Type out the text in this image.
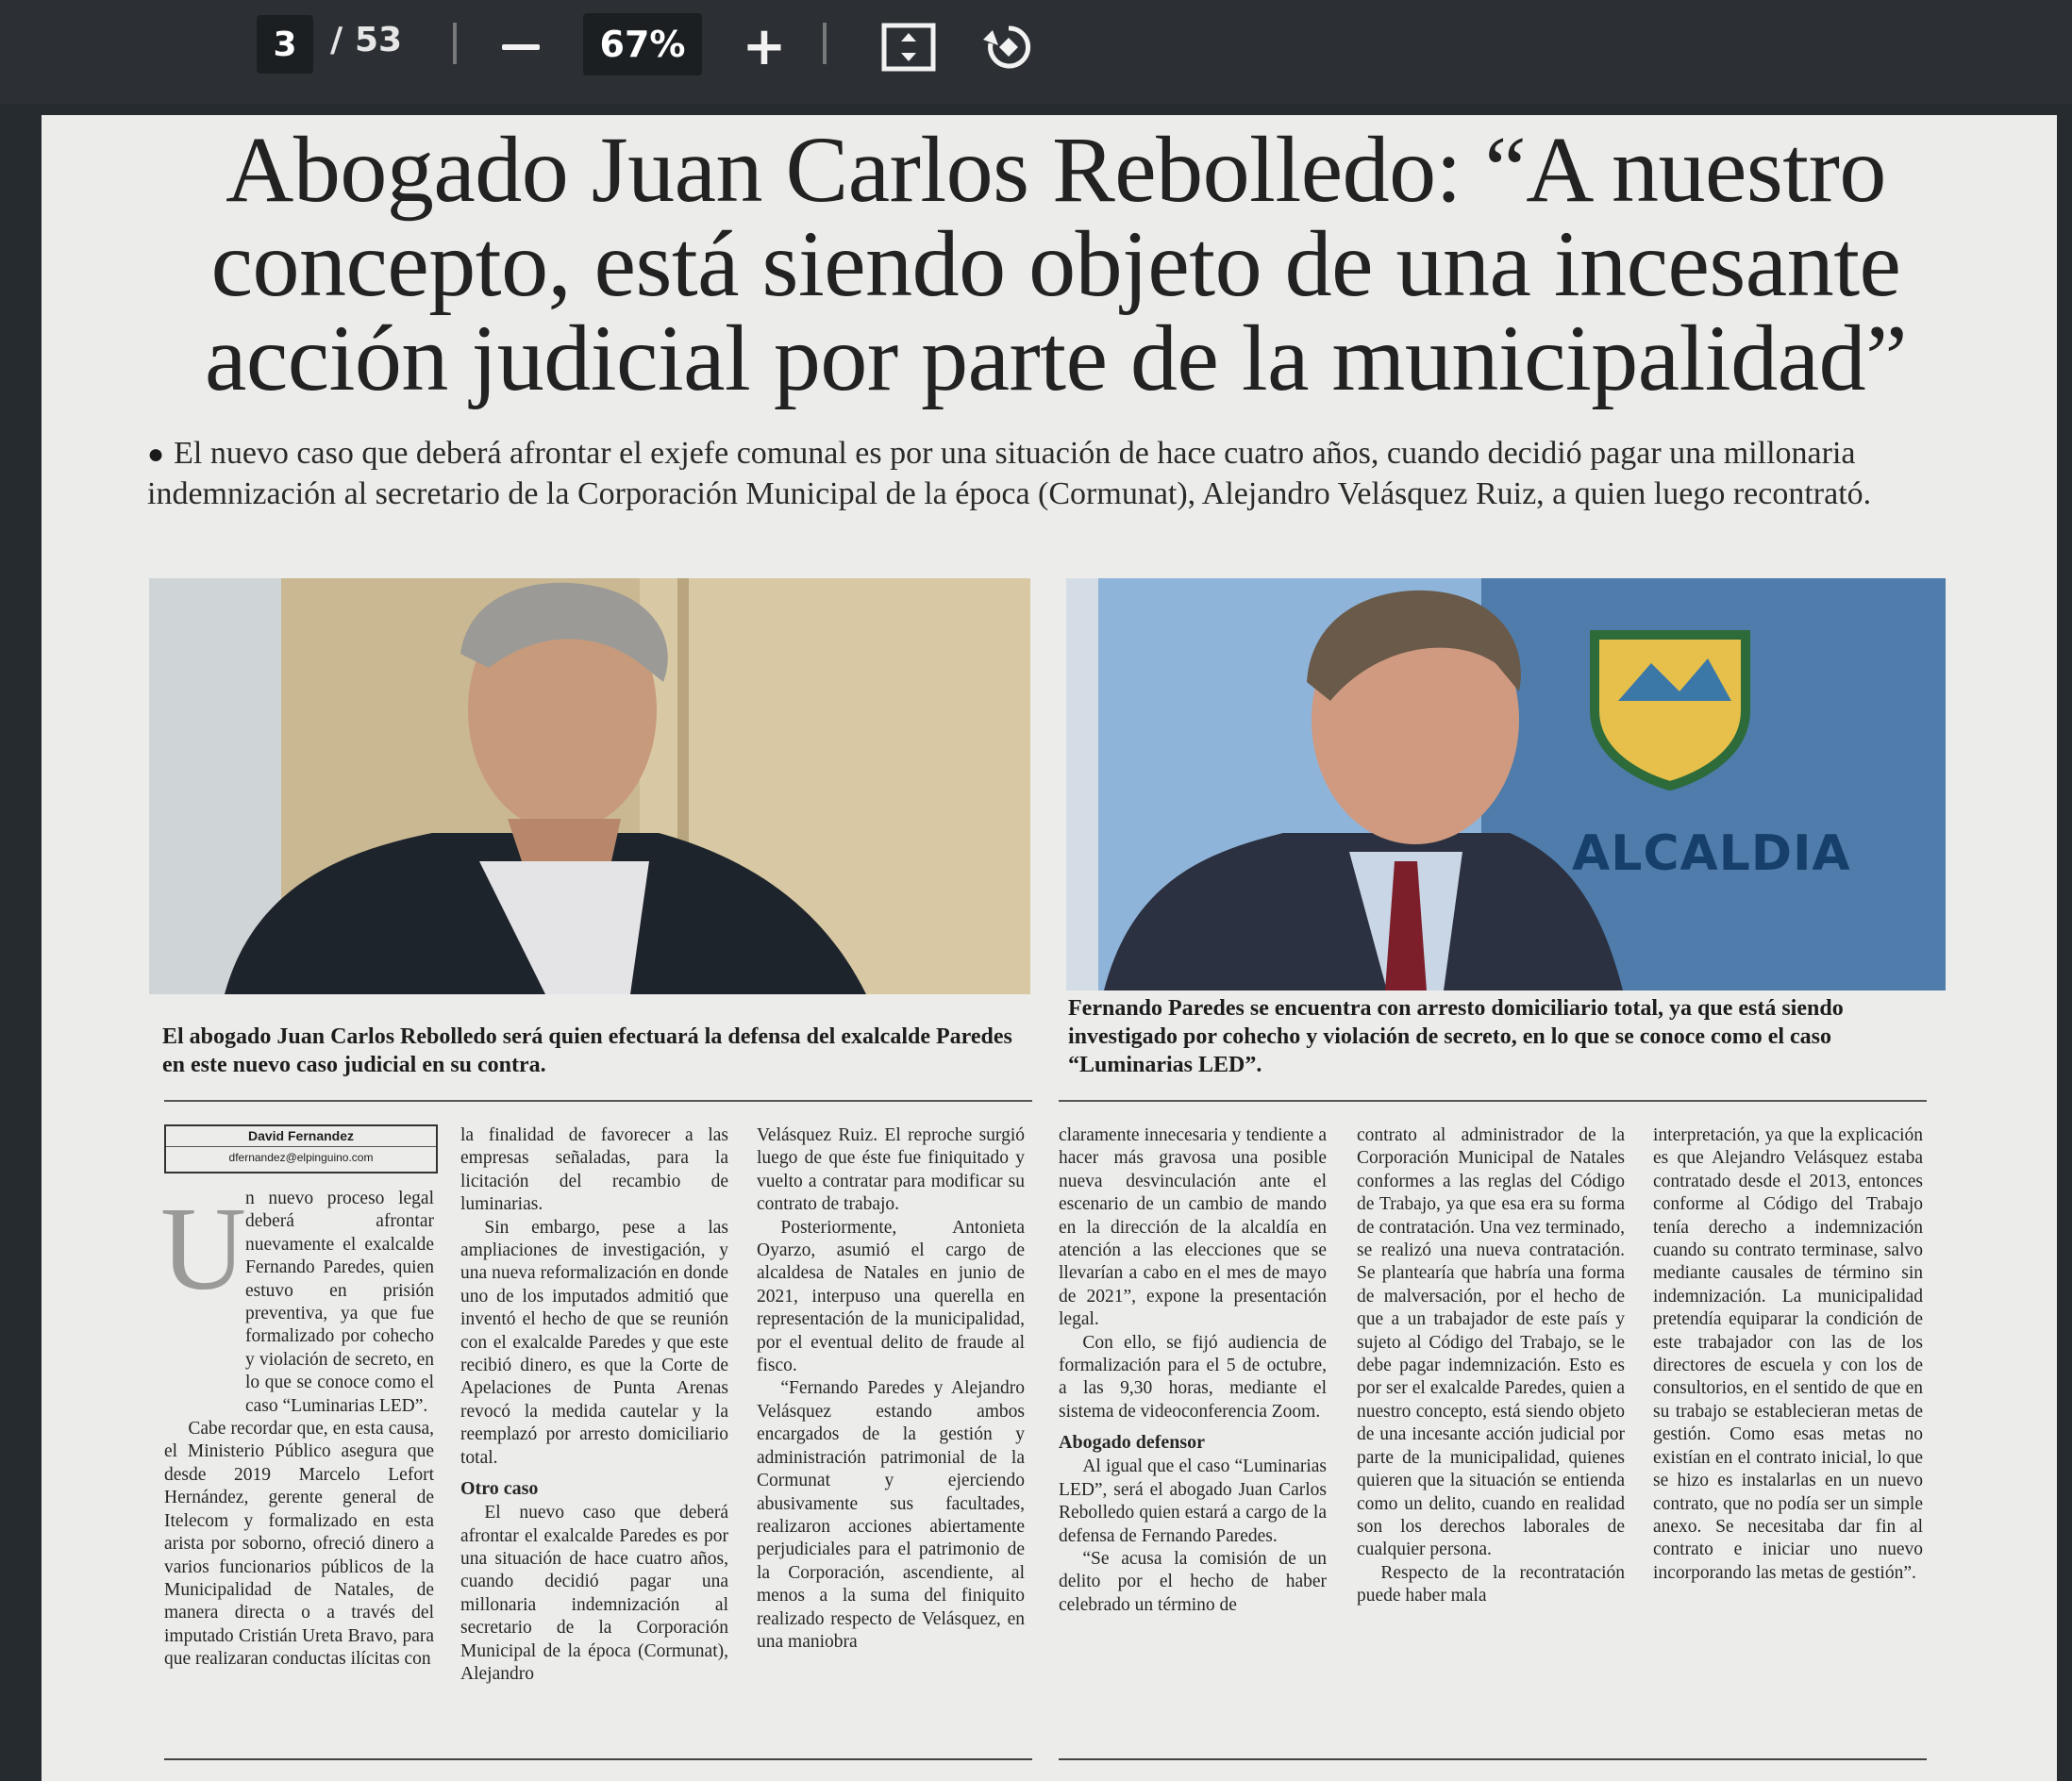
3 / 53	67%	+
Abogado Juan Carlos Rebolledo: “A nuestro concepto, está siendo objeto de una incesante acción judicial por parte de la municipalidad”

● El nuevo caso que deberá afrontar el exjefe comunal es por una situación de hace cuatro años, cuando decidió pagar una millonaria indemnización al secretario de la Corporación Municipal de la época (Cormunat), Alejandro Velásquez Ruiz, a quien luego recontrató.

ALCALDIA

El abogado Juan Carlos Rebolledo será quien efectuará la defensa del exalcalde Paredes en este nuevo caso judicial en su contra.

Fernando Paredes se encuentra con arresto domiciliario total, ya que está siendo investigado por cohecho y violación de secreto, en lo que se conoce como el caso “Luminarias LED”.

David Fernandez
dfernandez@elpinguino.com
U n nuevo proceso legal deberá afrontar nuevamente el exalcalde Fernando Paredes, quien estuvo en prisión preventiva, ya que fue formalizado por cohecho y violación de secreto, en lo que se conoce como el caso “Luminarias LED”.

Cabe recordar que, en esta causa, el Ministerio Público asegura que desde 2019 Marcelo Lefort Hernández, gerente general de Itelecom y formalizado en esta arista por soborno, ofreció dinero a varios funcionarios públicos de la Municipalidad de Natales, de manera directa o a través del imputado Cristián Ureta Bravo, para que realizaran conductas ilícitas con

la finalidad de favorecer a las empresas señaladas, para la licitación del recambio de luminarias.

Sin embargo, pese a las ampliaciones de investigación, y una nueva reformalización en donde uno de los imputados admitió que inventó el hecho de que se reunión con el exalcalde Paredes y que este recibió dinero, es que la Corte de Apelaciones de Punta Arenas revocó la medida cautelar y la reemplazó por arresto domiciliario total.

Otro caso

El nuevo caso que deberá afrontar el exalcalde Paredes es por una situación de hace cuatro años, cuando decidió pagar una millonaria indemnización al secretario de la Corporación Municipal de la época (Cormunat), Alejandro

Velásquez Ruiz. El reproche surgió luego de que éste fue finiquitado y vuelto a contratar para modificar su contrato de trabajo.

Posteriormente, Antonieta Oyarzo, asumió el cargo de alcaldesa de Natales en junio de 2021, interpuso una querella en representación de la municipalidad, por el eventual delito de fraude al fisco.

“Fernando Paredes y Alejandro Velásquez estando ambos encargados de la gestión y administración patrimonial de la Cormunat y ejerciendo abusivamente sus facultades, realizaron acciones abiertamente perjudiciales para el patrimonio de la Corporación, ascendiente, al menos a la suma del finiquito realizado respecto de Velásquez, en una maniobra

claramente innecesaria y tendiente a hacer más gravosa una posible nueva desvinculación ante el escenario de un cambio de mando en la dirección de la alcaldía en atención a las elecciones que se llevarían a cabo en el mes de mayo de 2021”, expone la presentación legal.

Con ello, se fijó audiencia de formalización para el 5 de octubre, a las 9,30 horas, mediante el sistema de videoconferencia Zoom.

Abogado defensor

Al igual que el caso “Luminarias LED”, será el abogado Juan Carlos Rebolledo quien estará a cargo de la defensa de Fernando Paredes.

“Se acusa la comisión de un delito por el hecho de haber celebrado un término de

contrato al administrador de la Corporación Municipal de Natales conformes a las reglas del Código de Trabajo, ya que esa era su forma de contratación. Una vez terminado, se realizó una nueva contratación. Se plantearía que habría una forma de malversación, por el hecho de que a un trabajador de este país y sujeto al Código del Trabajo, se le debe pagar indemnización. Esto es por ser el exalcalde Paredes, quien a nuestro concepto, está siendo objeto de una incesante acción judicial por parte de la municipalidad, quienes quieren que la situación se entienda como un delito, cuando en realidad son los derechos laborales de cualquier persona.

Respecto de la recontratación puede haber mala

interpretación, ya que la explicación es que Alejandro Velásquez estaba contratado desde el 2013, entonces conforme al Código del Trabajo tenía derecho a indemnización cuando su contrato terminase, salvo mediante causales de término sin indemnización. La municipalidad pretendía equiparar la condición de este trabajador con las de los directores de escuela y con los de consultorios, en el sentido de que en su trabajo se establecieran metas de gestión. Como esas metas no existían en el contrato inicial, lo que se hizo es instalarlas en un nuevo contrato, que no podía ser un simple anexo. Se necesitaba dar fin al contrato e iniciar uno nuevo incorporando las metas de gestión”.
